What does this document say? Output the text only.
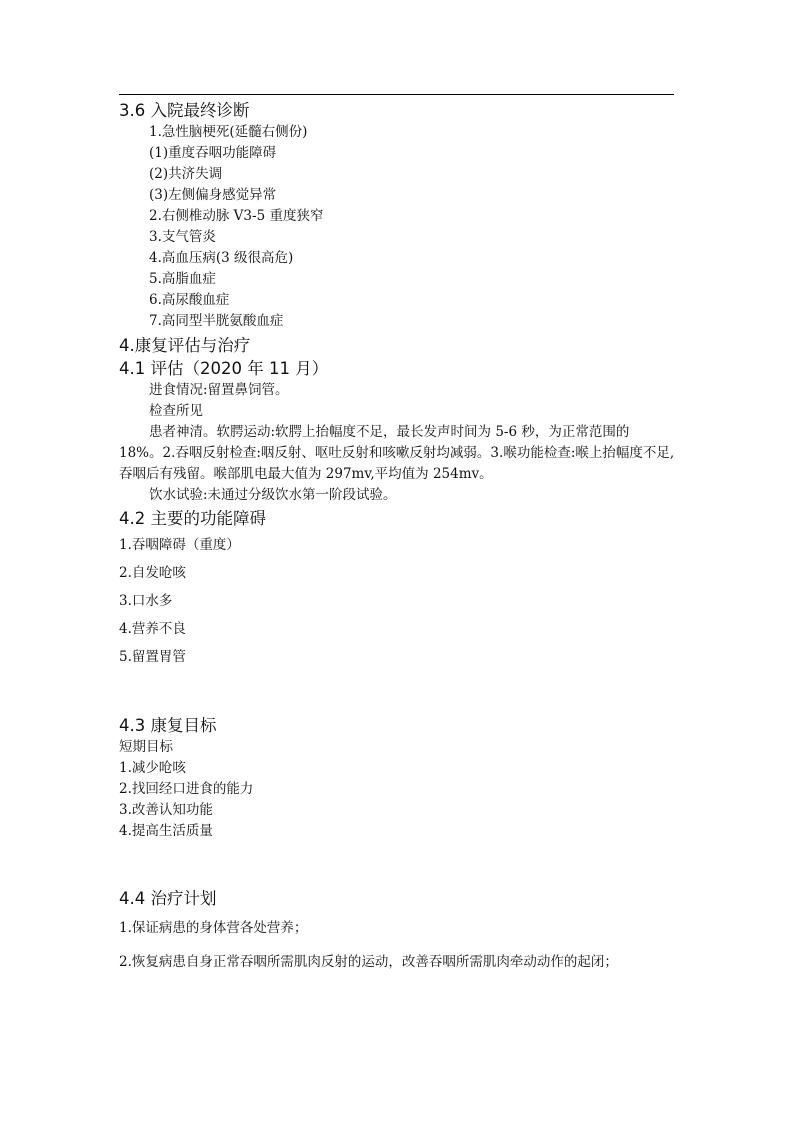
3.6 入院最终诊断
1.急性脑梗死(延髓右侧份)
(1)重度吞咽功能障碍
(2)共济失调
(3)左侧偏身感觉异常
2.右侧椎动脉 V3-5 重度狭窄
3.支气管炎
4.高血压病(3 级很高危)
5.高脂血症
6.高尿酸血症
7.高同型半胱氨酸血症
4.康复评估与治疗
4.1 评估（2020 年 11 月）
进食情况:留置鼻饲管。
检查所见
患者神清。软腭运动:软腭上抬幅度不足，最长发声时间为 5-6 秒，为正常范围的 18%。2.吞咽反射检查:咽反射、呕吐反射和咳嗽反射均减弱。3.喉功能检查:喉上抬幅度不足,吞咽后有残留。喉部肌电最大值为 297mv,平均值为 254mv。
饮水试验:未通过分级饮水第一阶段试验。
4.2 主要的功能障碍
1.吞咽障碍（重度）
2.自发呛咳
3.口水多
4.营养不良
5.留置胃管
4.3 康复目标
短期目标
1.减少呛咳
2.找回经口进食的能力
3.改善认知功能
4.提高生活质量
4.4 治疗计划
1.保证病患的身体营各处营养；
2.恢复病患自身正常吞咽所需肌肉反射的运动，改善吞咽所需肌肉牵动动作的起闭；
